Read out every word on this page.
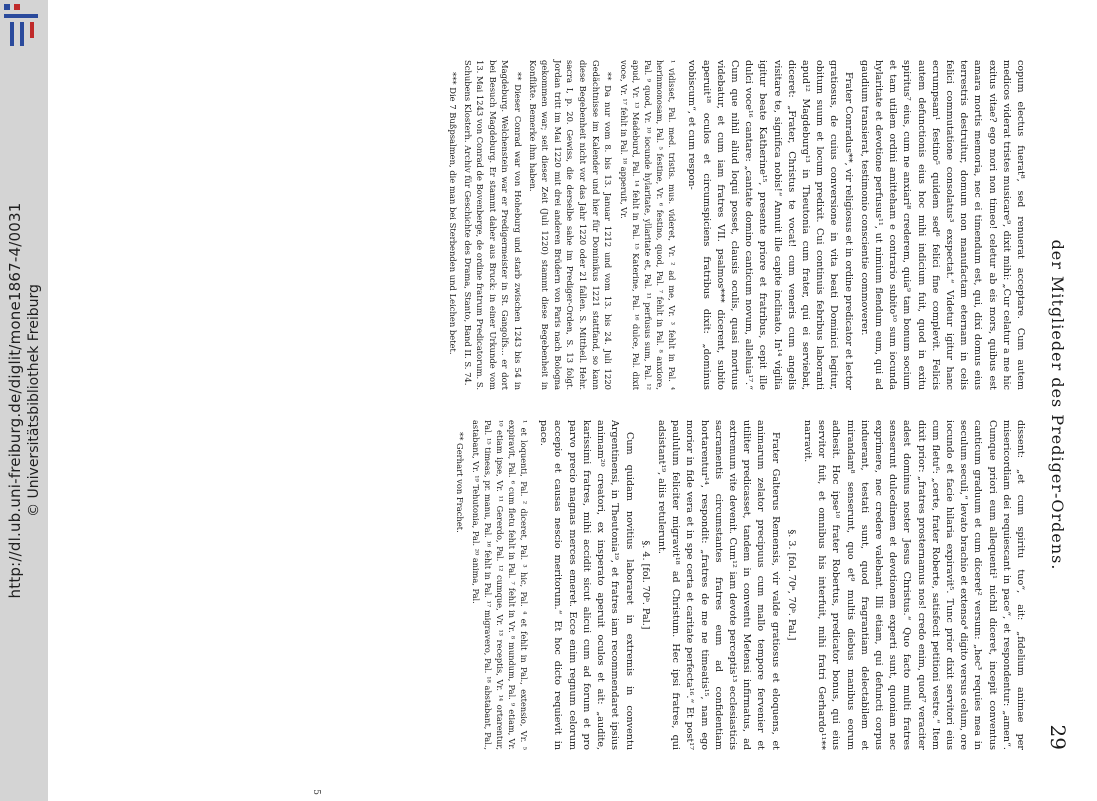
http://dl.ub.uni-freiburg.de/diglit/mone1867-4/0031 © Universitätsbibliothek Freiburg	der Mitglieder des Prediger-Ordens.
29

copum electus fuerat⁸, sed renuerat acceptare. Cum autem medicos viderat tristes musicare⁹, dixit mihi: „Cur celatur a me hic exitus vitae? ego mori non timeo! celetur ab eis mors, quibus est amara mortis memoria, nec ei timendum est, qui, dixi domus eius terrestris destruitur, domum non manufactam eternam in celis felici commutatione consolatus³ exspectat.“ Videtur igitur hanc ecrumpsam¹ festino⁵ quidem sed⁶ felici fine complevit. Felicis autem defunctionis eius hoc mihi indicium fuit, quod in exitu spiritus⁷ eius, cum ne anxiari⁸ crederem, quia⁹ tam bonum socium et tam utilem ordini amitteham e contrario subito¹⁰ sum iocunda hylaritate et devotione perfusus¹¹, ut nimium flendum eum, qui ad gaudium transierat, testimonio conscientie commoverer.

Frater Conradus**, vir religiosus et in ordine predicator et lector gratiosus, de cuius conversione in vita beati Dominici legitur, obitum suum et locum predixit. Cui continuis febribus laboranti apud¹² Magdeburg¹³ in Theutonia cum frater, qui ei serviebat, diceret: „Frater, Christus te vocat! cum veneris cum angelis visitare te, significa nobis!“ Annuit ille capite inclinato. In¹⁴ vigilia igitur beate Katherine¹⁵, presente priore et fratribus, cepit ille dulci voce¹⁶ cantare: „cantate domino canticum novum, alleluia¹⁷.“ Cum que nihil aliud loqui posset, clausis oculis, quasi mortuus videbatur, et cum iam fratres VII. psalmos*** dicerent, subito aperuit¹⁸ oculos et circumspiciens fratribus dixit: „dominus vobiscum“, et cum respon-

¹ vidisset, Pal. med. tristis. mus. videret, Vr. ² ad me, Vr. ³ fehlt in Pal. ⁴ herinmonosam, Pal. ⁵ festine, Vr. ⁶ festino, quod, Pal. ⁷ fehlt in Pal. ⁸ anxiore, Pal. ⁹ quod, Vr. ¹⁰ iocunde hylaritate, yllaritate et, Pal. ¹¹ perfusus sum, Pal. ¹² apud, Vr. ¹³ Madeburd, Pal. ¹⁴ fehlt in Pal. ¹⁵ Katerine, Pal. ¹⁶ dulce, Pal. dixit voce, Vr. ¹⁷ fehlt in Pal. ¹⁸ apperuit, Vr.

** Da nur vom 8. bis 13. Januar 1212 und vom 13. bis 24. Juli 1220 Gedächtnisse im Kalender und hier für Dominikus 1221 stattfand, so kann diese Begebenheit nicht vor das Jahr 1220 oder 21 fallen. S. Mittheil. Hehr. sacra I, p. 20. Gewiss, die derselbe sahe im Prediger-Orden, S. 13 folgt. Jordan tritt im Mai 1220 mit drei anderen Brüdern von Paris nach Bologna gekommen war; seit dieser Zeit (Juli 1220) stammt diese Begebenheit in Konflikte. Bemerke ihm haben.

** Dieser Conrad war von Hoheburg und starb zwischen 1243 bis 54 in Magdeburg. Welchenstein war er Predigermeister in St. Gangolfs... er dort bei Besuch Magdeburg. Er stammt daher aus Bruck: in einer Urkunde vom 13. Mai 1243 von Conrad de Bovenberge, de ordine fratrum Predicatorum. S. Schubens Klosterh. Archiv für Geschichte des Drama, Stanto, Band II. S. 74.

*** Die 7 Bußpsalmen, die man bei Sterbenden und Leichen betet.

dissent: „et cum spiritu tuo“, ait: „fidelium animae per misericordiam dei requiescant in pace“, et respondentur: „amen“. Cumque priori eum allequenti¹ nichil diceret, incepit conventus canticum graduum et cum diceret² versum: „hec³ requies mea in seculum seculi,“ levato brachio et extenso⁴ digito versus celum, ore iocundo et facie hilaria expiravit⁵. Tunc prior dixit servitori eius cum fletu⁶: „certe, frater Roberte, satisfecit petitioni vestre.“ Item dixit prior: „fratres prosternamus nos! credo enim, quod⁷ veraciter adest dominus noster Jesus Christus.“ Quo facto multi fratres senserunt dulcedinem et devotionem experti sunt, quoniam nec exprimere, nec credere valebant. Illi etiam, qui defuncti corpus induerant, testati sunt, quod fragrantiam delectabilem et mirandam⁸ senserunt, quo et⁹ multis diebus manibus eorum adhesit. Hoc ipse¹⁰ frater Robertus, predicator bonus, qui eius servitor fuit, et omnibus his interfuit, mihi fratri Gerhardo¹¹** narravit.

§. 3. [fol. 70ᵃ, 70ᵇ. Pal.]

Frater Galterus Remensis, vir valde gratiosus et eloquens, et animarum zelator precipuus cum mallo tempore fervenier et utiliter predicasset, tandem in conventu Metensi infirmatus, ad extremum vite devenit. Cum¹² iam devote perceptis¹³ ecclesiasticis sacramentis circumstantes fratres eum ad confidentiam hortarentur¹⁴, respondit: „fratres de me ne timeatis¹⁵, nam ego morior in fide vera et in spe certa et caritate perfecta¹⁶.“ Et post¹⁷ paululum feliciter migravit¹⁸ ad Christum. Hec ipsi fratres, qui adsistant¹⁹, aliis retulerunt.

§. 4. [fol. 70ᵇ. Pal.]

Cum quidam novitius laboraret in extremis in conventu Argentinensi, in Theutonia¹⁹, et fratres iam recommendaret ipsius animam²⁰ creatori, ex insperato aperuit oculos et ait: „audite, karissimi fratres, mihi accidit sicut alicui cum ad forum et pro parvo precio magnas merces emeret. Ecce enim regnum celorum accepio et causas nescio meritorum.“ Et hoc dicto requievit in pace.

¹ et loquenti, Pal. ² diceret, Pal. ³ hic, Pal. ⁴ et fehlt in Pal., extensio, Vr. ⁵ expiravit, Pal. ⁶ cum fletu fehlt in Pal. ⁷ fehlt in Vr. ⁸ mundum, Pal. ⁹ etiam, Vr. ¹⁰ etiam ipse, Vr. ¹¹ Gererdo, Pal. ¹² cumque, Vr. ¹³ receptis, Vr. ¹⁴ ortarentur, Pal. ¹⁵ timeas, pr. manu, Pal. ¹⁶ fehlt in Pal. ¹⁷ migravero, Pal. ¹⁸ abstabant, Pal., astabant, Vr. ¹⁹ Tehutonia, Pal. ²⁰ anima, Pal.

** Gerhart von Frachet.

5
